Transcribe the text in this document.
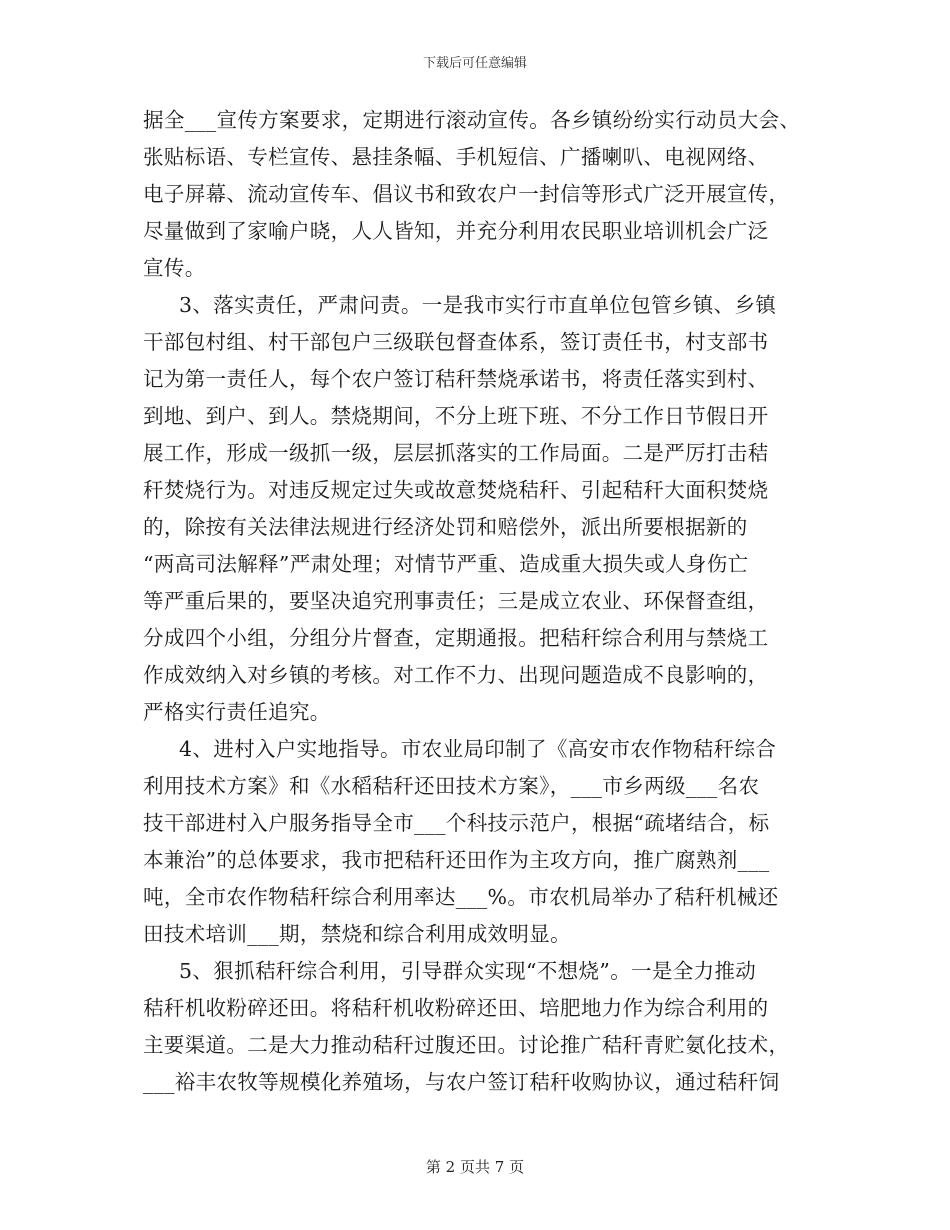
下载后可任意编辑
据全___宣传方案要求，定期进行滚动宣传。各乡镇纷纷实行动员大会、
张贴标语、专栏宣传、悬挂条幅、手机短信、广播喇叭、电视网络、
电子屏幕、流动宣传车、倡议书和致农户一封信等形式广泛开展宣传，
尽量做到了家喻户晓，人人皆知，并充分利用农民职业培训机会广泛
宣传。
3、落实责任，严肃问责。一是我市实行市直单位包管乡镇、乡镇
干部包村组、村干部包户三级联包督查体系，签订责任书，村支部书
记为第一责任人，每个农户签订秸秆禁烧承诺书，将责任落实到村、
到地、到户、到人。禁烧期间，不分上班下班、不分工作日节假日开
展工作，形成一级抓一级，层层抓落实的工作局面。二是严厉打击秸
秆焚烧行为。对违反规定过失或故意焚烧秸秆、引起秸秆大面积焚烧
的，除按有关法律法规进行经济处罚和赔偿外，派出所要根据新的
“两高司法解释”严肃处理；对情节严重、造成重大损失或人身伤亡
等严重后果的，要坚决追究刑事责任；三是成立农业、环保督查组，
分成四个小组，分组分片督查，定期通报。把秸秆综合利用与禁烧工
作成效纳入对乡镇的考核。对工作不力、出现问题造成不良影响的，
严格实行责任追究。
4、进村入户实地指导。市农业局印制了《高安市农作物秸秆综合
利用技术方案》和《水稻秸秆还田技术方案》，___市乡两级___名农
技干部进村入户服务指导全市___个科技示范户，根据“疏堵结合，标
本兼治”的总体要求，我市把秸秆还田作为主攻方向，推广腐熟剂___
吨，全市农作物秸秆综合利用率达___%。市农机局举办了秸秆机械还
田技术培训___期，禁烧和综合利用成效明显。
5、狠抓秸秆综合利用，引导群众实现“不想烧”。一是全力推动
秸秆机收粉碎还田。将秸秆机收粉碎还田、培肥地力作为综合利用的
主要渠道。二是大力推动秸秆过腹还田。讨论推广秸秆青贮氨化技术，
___裕丰农牧等规模化养殖场，与农户签订秸秆收购协议，通过秸秆饲
第 2 页共 7 页
